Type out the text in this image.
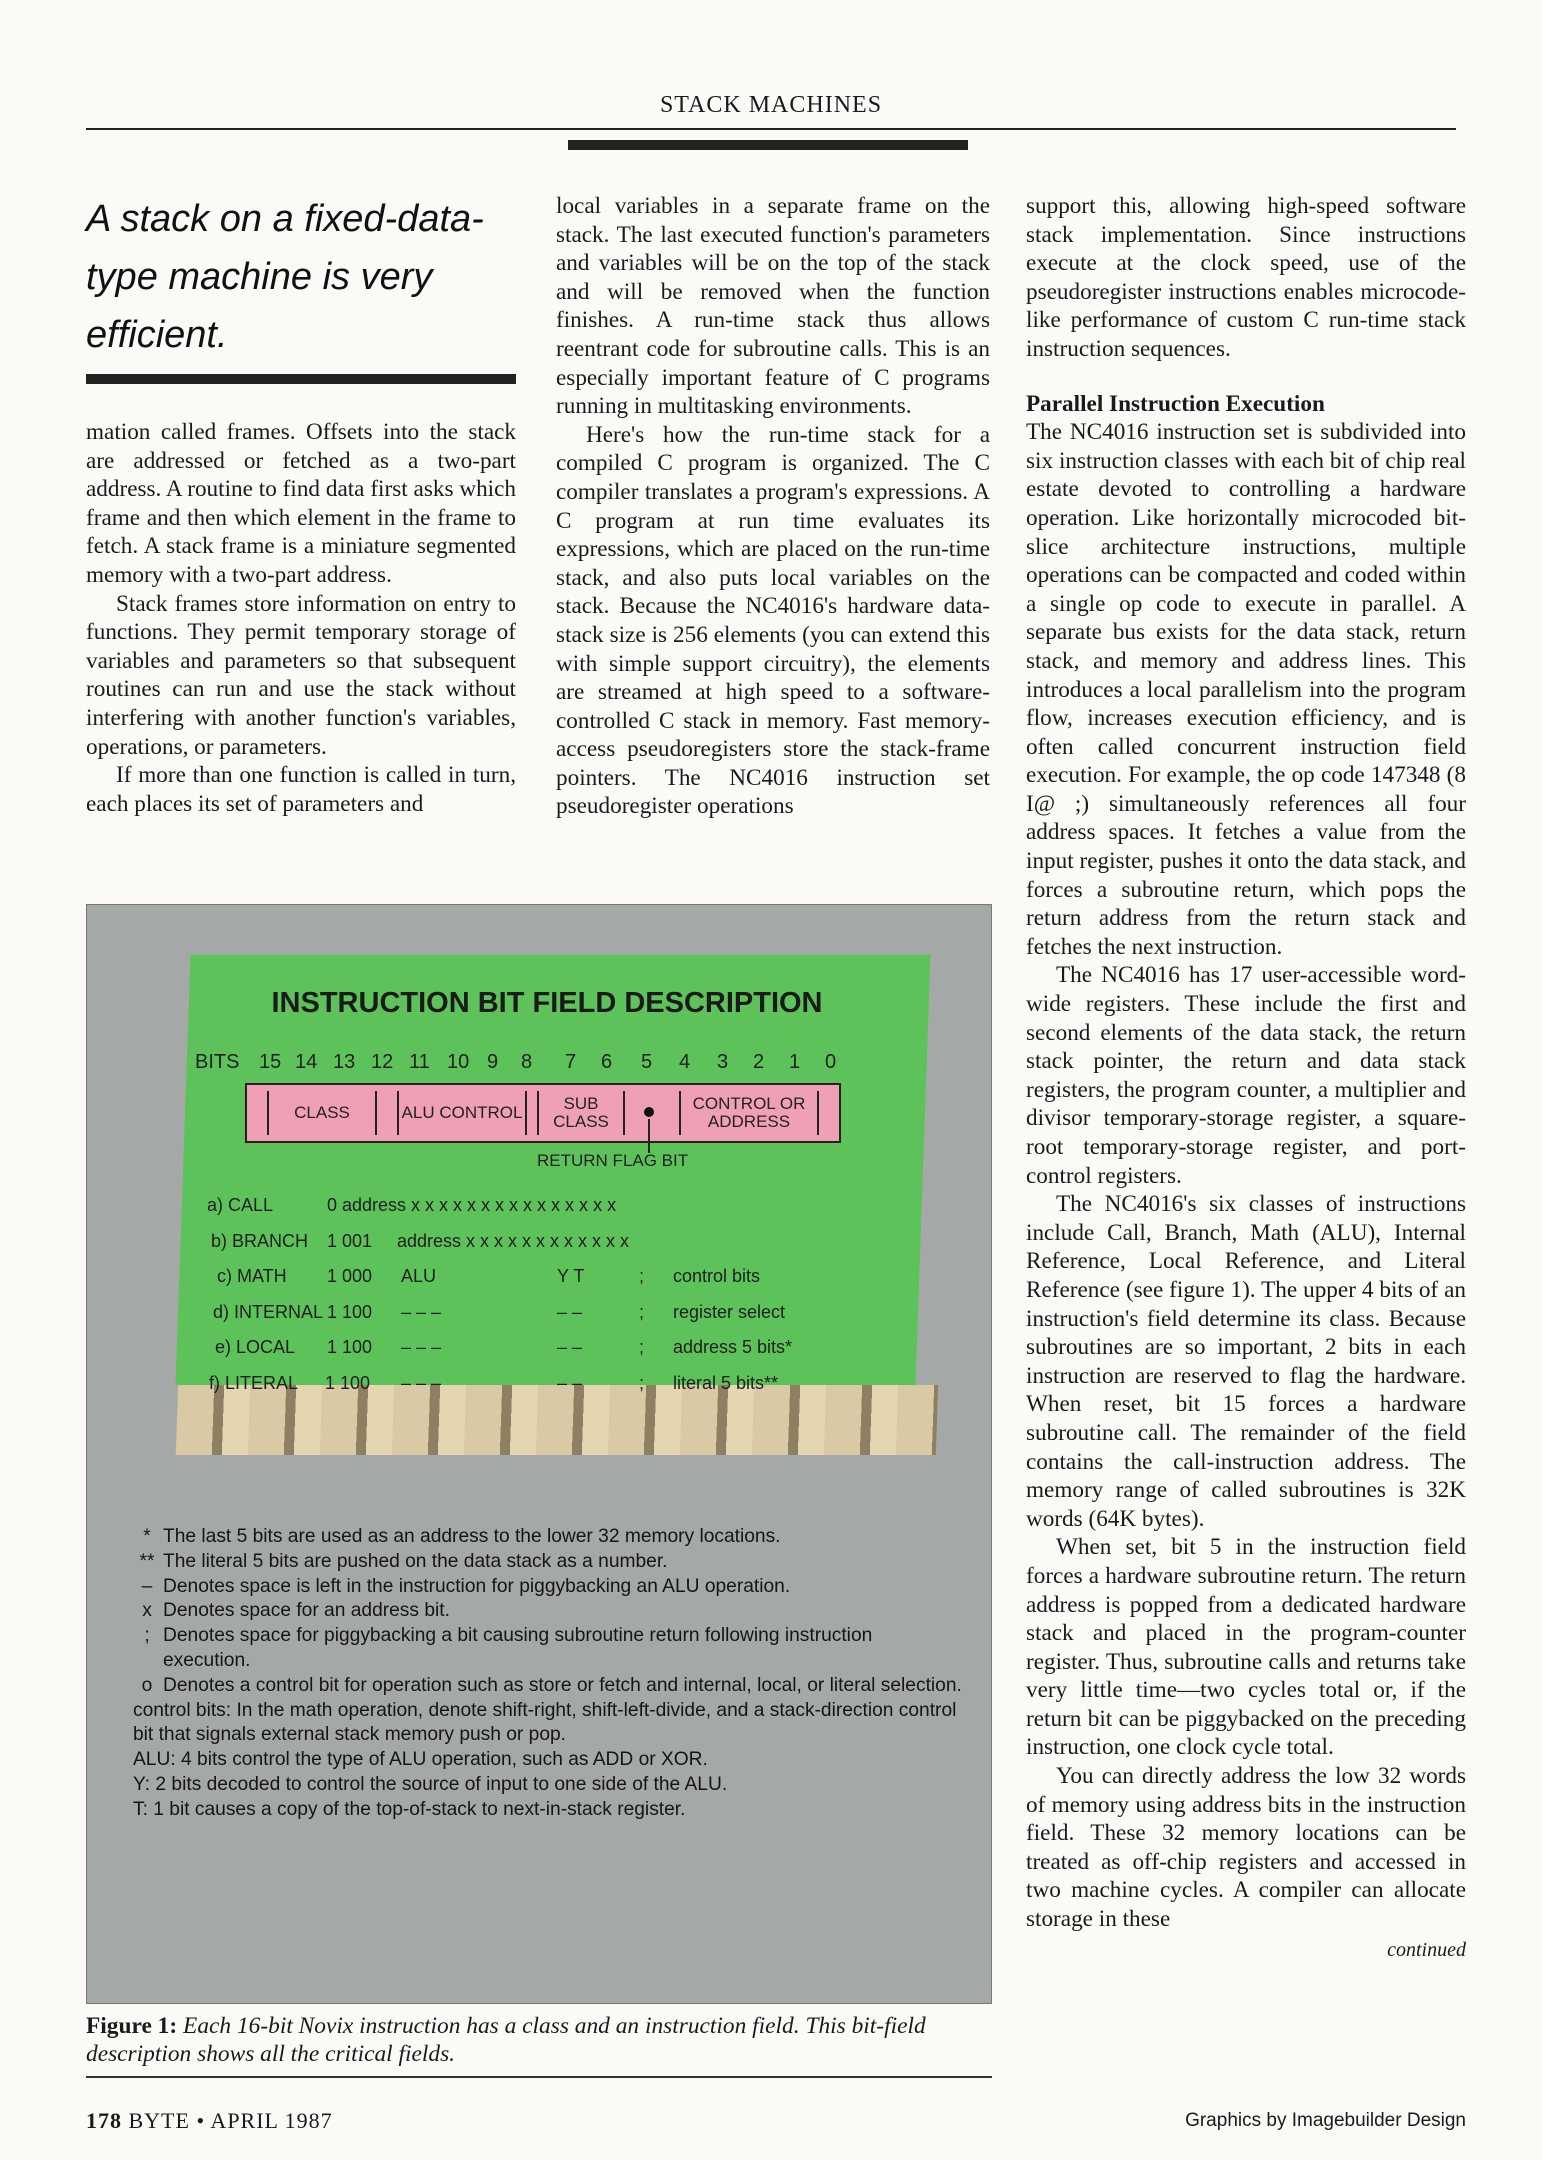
STACK MACHINES
A stack on a fixed-data-type machine is very efficient.

mation called frames. Offsets into the stack are addressed or fetched as a two-part address. A routine to find data first asks which frame and then which element in the frame to fetch. A stack frame is a miniature segmented memory with a two-part address.

Stack frames store information on entry to functions. They permit temporary storage of variables and parameters so that subsequent routines can run and use the stack without interfering with another function's variables, operations, or parameters.

If more than one function is called in turn, each places its set of parameters and

local variables in a separate frame on the stack. The last executed function's parameters and variables will be on the top of the stack and will be removed when the function finishes. A run-time stack thus allows reentrant code for subroutine calls. This is an especially important feature of C programs running in multitasking environments.

Here's how the run-time stack for a compiled C program is organized. The C compiler translates a program's expressions. A C program at run time evaluates its expressions, which are placed on the run-time stack, and also puts local variables on the stack. Because the NC4016's hardware data-stack size is 256 elements (you can extend this with simple support circuitry), the elements are streamed at high speed to a software-controlled C stack in memory. Fast memory-access pseudoregisters store the stack-frame pointers. The NC4016 instruction set pseudoregister operations

support this, allowing high-speed software stack implementation. Since instructions execute at the clock speed, use of the pseudoregister instructions enables microcode-like performance of custom C run-time stack instruction sequences.

Parallel Instruction Execution

The NC4016 instruction set is subdivided into six instruction classes with each bit of chip real estate devoted to controlling a hardware operation. Like horizontally microcoded bit-slice architecture instructions, multiple operations can be compacted and coded within a single op code to execute in parallel. A separate bus exists for the data stack, return stack, and memory and address lines. This introduces a local parallelism into the program flow, increases execution efficiency, and is often called concurrent instruction field execution. For example, the op code 147348 (8 I@ ;) simultaneously references all four address spaces. It fetches a value from the input register, pushes it onto the data stack, and forces a subroutine return, which pops the return address from the return stack and fetches the next instruction.

The NC4016 has 17 user-accessible word-wide registers. These include the first and second elements of the data stack, the return stack pointer, the return and data stack registers, the program counter, a multiplier and divisor temporary-storage register, a square-root temporary-storage register, and port-control registers.

The NC4016's six classes of instructions include Call, Branch, Math (ALU), Internal Reference, Local Reference, and Literal Reference (see figure 1). The upper 4 bits of an instruction's field determine its class. Because subroutines are so important, 2 bits in each instruction are reserved to flag the hardware. When reset, bit 15 forces a hardware subroutine call. The remainder of the field contains the call-instruction address. The memory range of called subroutines is 32K words (64K bytes).

When set, bit 5 in the instruction field forces a hardware subroutine return. The return address is popped from a dedicated hardware stack and placed in the program-counter register. Thus, subroutine calls and returns take very little time—two cycles total or, if the return bit can be piggybacked on the preceding instruction, one clock cycle total.

You can directly address the low 32 words of memory using address bits in the instruction field. These 32 memory locations can be treated as off-chip registers and accessed in two machine cycles. A compiler can allocate storage in these

continued
INSTRUCTION BIT FIELD DESCRIPTION
BITS 15 14 13 12 11 10 9 8 7 6 5 4 3 2 1 0
CLASS	ALU CONTROL	SUB CLASS
CONTROL OR ADDRESS
RETURN FLAG BIT
a) CALL	0 address x x x x x x x x x x x x x x x
b) BRANCH 1 001 address x x x x x x x x x x x x
c) MATH 1 000 ALU	Y T	; control bits
d) INTERNAL 1 100 – – –	– –	; register select
e) LOCAL 1 100 – – –	– –	; address 5 bits*
f) LITERAL 1 100 – – –	– –	; literal 5 bits**
* The last 5 bits are used as an address to the lower 32 memory locations.
** The literal 5 bits are pushed on the data stack as a number.
– Denotes space is left in the instruction for piggybacking an ALU operation.
x Denotes space for an address bit.
; Denotes space for piggybacking a bit causing subroutine return following instruction execution.
o Denotes a control bit for operation such as store or fetch and internal, local, or literal selection.
control bits: In the math operation, denote shift-right, shift-left-divide, and a stack-direction control bit that signals external stack memory push or pop.
ALU: 4 bits control the type of ALU operation, such as ADD or XOR.
Y: 2 bits decoded to control the source of input to one side of the ALU.
T: 1 bit causes a copy of the top-of-stack to next-in-stack register.
Figure 1: Each 16-bit Novix instruction has a class and an instruction field. This bit-field description shows all the critical fields.
178 BYTE • APRIL 1987	Graphics by Imagebuilder Design
